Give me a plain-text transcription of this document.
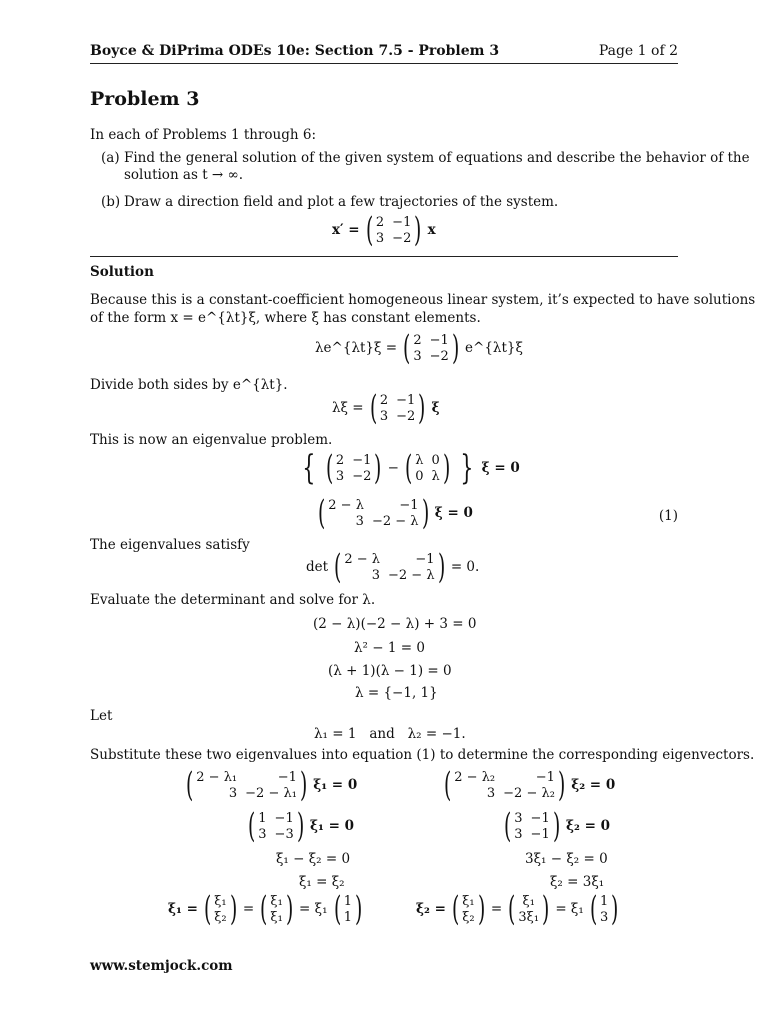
Boyce & DiPrima ODEs 10e: Section 7.5 - Problem 3	Page 1 of 2
Problem 3
In each of Problems 1 through 6:
(a) Find the general solution of the given system of equations and describe the behavior of the
solution as t → ∞.
(b) Draw a direction field and plot a few trajectories of the system.
x′ = ( 2 −1
3 −2 ) x
Solution
Because this is a constant-coefficient homogeneous linear system, it’s expected to have solutions
of the form x = e^{λt}ξ, where ξ has constant elements.
λe^{λt}ξ = ( 2 −1
3 −2 ) e^{λt}ξ
Divide both sides by e^{λt}.
λξ = ( 2 −1
3 −2 ) ξ
This is now an eigenvalue problem.
{ ( 2 −1
3 −2 ) − ( λ 0
0 λ ) } ξ = 0
( 2 − λ	−1
3 −2 − λ ) ξ = 0	(1)
The eigenvalues satisfy
det ( 2 − λ	−1
3 −2 − λ ) = 0.
Evaluate the determinant and solve for λ.
(2 − λ)(−2 − λ) + 3 = 0
λ² − 1 = 0
(λ + 1)(λ − 1) = 0
λ = {−1, 1}
Let
λ₁ = 1   and   λ₂ = −1.
Substitute these two eigenvalues into equation (1) to determine the corresponding eigenvectors.
( 2 − λ₁	−1
3 −2 − λ₁ ) ξ₁ = 0
( 1 −1
3 −3 ) ξ₁ = 0
ξ₁ − ξ₂ = 0
ξ₁ = ξ₂
ξ₁ = ( ξ₁
ξ₂ ) = ( ξ₁
ξ₁ ) = ξ₁ ( 1
1 )
( 2 − λ₂	−1
3 −2 − λ₂ ) ξ₂ = 0
( 3 −1
3 −1 ) ξ₂ = 0
3ξ₁ − ξ₂ = 0
ξ₂ = 3ξ₁
ξ₂ = ( ξ₁
ξ₂ ) = ( ξ₁
3ξ₁ ) = ξ₁ ( 1
3 )
www.stemjock.com
